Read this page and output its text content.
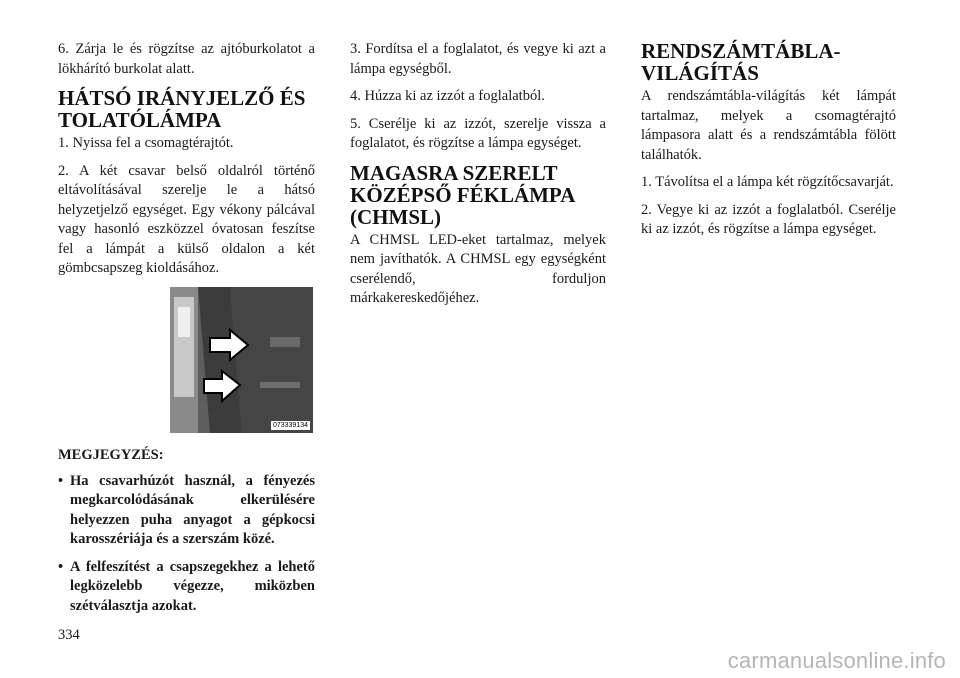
6. Zárja le és rögzítse az ajtóburkolatot a lökhárító burkolat alatt.

HÁTSÓ IRÁNYJELZŐ ÉS TOLATÓLÁMPA

1. Nyissa fel a csomagtérajtót.

2. A két csavar belső oldalról történő eltávolításával szerelje le a hátsó helyzetjelző egységet. Egy vékony pálcával vagy hasonló eszközzel óvatosan feszítse fel a lámpát a külső oldalon a két gömbcsapszeg kioldásához.

073339134
MEGJEGYZÉS:
• Ha csavarhúzót használ, a fényezés megkarcolódásának elkerülésére helyezzen puha anyagot a gépkocsi karosszériája és a szerszám közé.
• A felfeszítést a csapszegekhez a lehető legközelebb végezze, miközben szétválasztja azokat.

3. Fordítsa el a foglalatot, és vegye ki azt a lámpa egységből.

4. Húzza ki az izzót a foglalatból.

5. Cserélje ki az izzót, szerelje vissza a foglalatot, és rögzítse a lámpa egységet.

MAGASRA SZERELT KÖZÉPSŐ FÉKLÁMPA (CHMSL)

A CHMSL LED-eket tartalmaz, melyek nem javíthatók. A CHMSL egy egységként cserélendő, forduljon márkakereskedőjéhez.

RENDSZÁMTÁBLA-VILÁGÍTÁS

A rendszámtábla-világítás két lámpát tartalmaz, melyek a csomagtérajtó lámpasora alatt és a rendszámtábla fölött találhatók.

1. Távolítsa el a lámpa két rögzítőcsavarját.

2. Vegye ki az izzót a foglalatból. Cserélje ki az izzót, és rögzítse a lámpa egységet.

334
carmanualsonline.info
